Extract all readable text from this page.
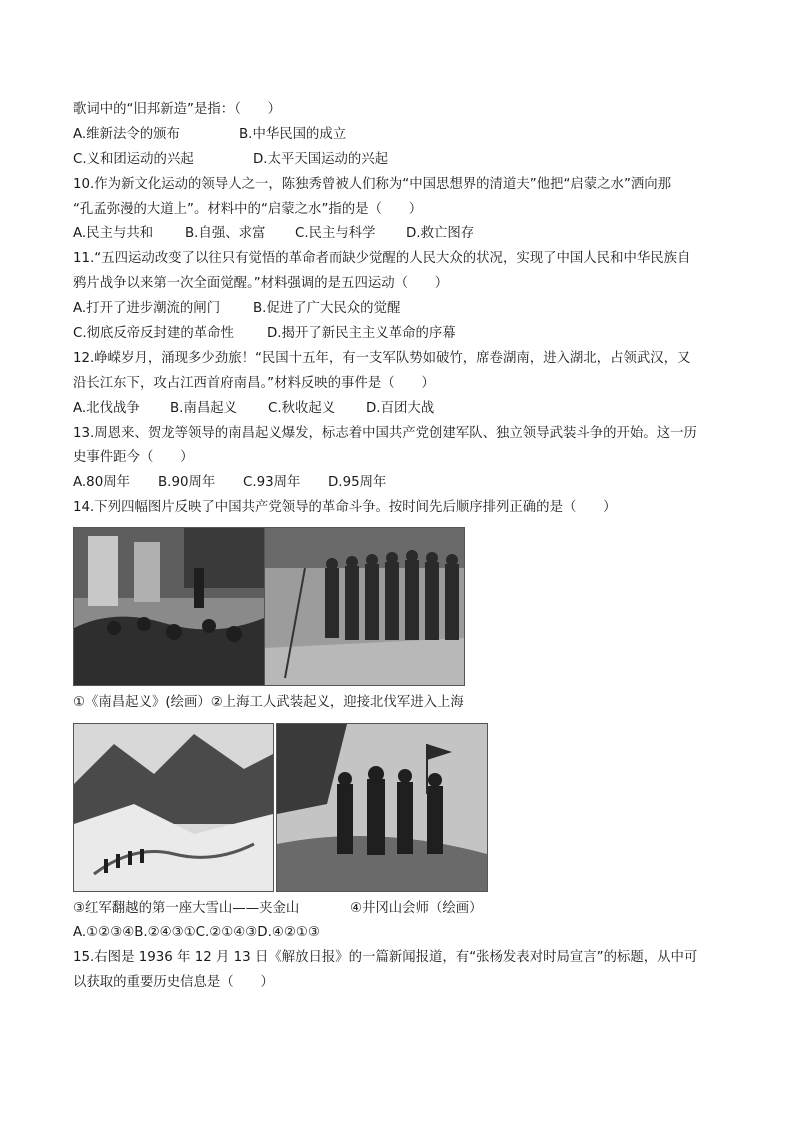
歌词中的“旧邦新造”是指：（　　）
A.维新法令的颁布	B.中华民国的成立
C.义和团运动的兴起	D.太平天国运动的兴起
10.作为新文化运动的领导人之一，陈独秀曾被人们称为“中国思想界的清道夫”他把“启蒙之水”洒向那
“孔孟弥漫的大道上”。材料中的“启蒙之水”指的是（　　）
A.民主与共和	B.自强、求富	C.民主与科学	D.救亡图存
11.“五四运动改变了以往只有觉悟的革命者而缺少觉醒的人民大众的状况，实现了中国人民和中华民族自
鸦片战争以来第一次全面觉醒。”材料强调的是五四运动（　　）
A.打开了进步潮流的闸门	B.促进了广大民众的觉醒
C.彻底反帝反封建的革命性	D.揭开了新民主主义革命的序幕
12.峥嵘岁月，涌现多少劲旅！“民国十五年，有一支军队势如破竹，席卷湖南，进入湖北，占领武汉，又
沿长江东下，攻占江西首府南昌。”材料反映的事件是（　　）
A.北伐战争	B.南昌起义	C.秋收起义	D.百团大战
13.周恩来、贺龙等领导的南昌起义爆发，标志着中国共产党创建军队、独立领导武装斗争的开始。这一历
史事件距今（　　）
A.80周年	B.90周年	C.93周年	D.95周年
14.下列四幅图片反映了中国共产党领导的革命斗争。按时间先后顺序排列正确的是（　　）
①《南昌起义》(绘画）②上海工人武装起义，迎接北伐军进入上海
③红军翻越的第一座大雪山——夹金山	④井冈山会师（绘画）
A.①②③④B.②④③①C.②①④③D.④②①③
15.右图是 1936 年 12 月 13 日《解放日报》的一篇新闻报道，有“张杨发表对时局宣言”的标题，从中可
以获取的重要历史信息是（　　）
